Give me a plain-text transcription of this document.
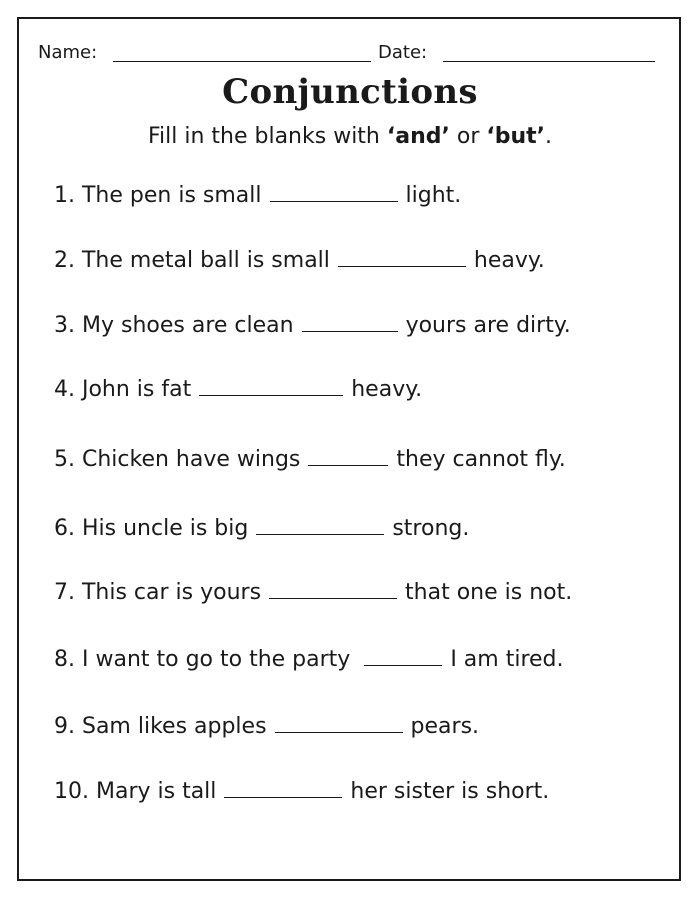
Name:	Date:
Conjunctions
Fill in the blanks with ‘and’ or ‘but’.
1. The pen is small	light.
2. The metal ball is small	heavy.
3. My shoes are clean	yours are dirty.
4. John is fat	heavy.
5. Chicken have wings	they cannot fly.
6. His uncle is big	strong.
7. This car is yours	that one is not.
8. I want to go to the party	I am tired.
9. Sam likes apples	pears.
10. Mary is tall	her sister is short.
